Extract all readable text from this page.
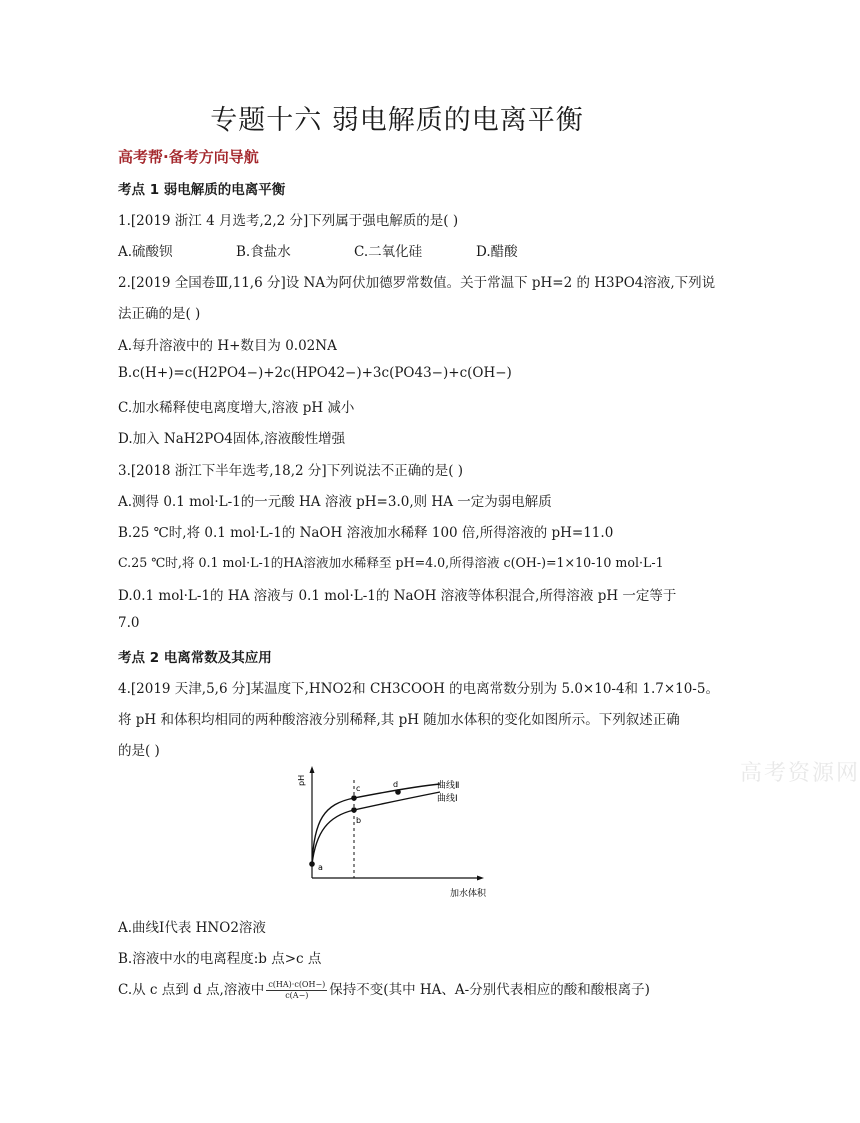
专题十六 弱电解质的电离平衡
高考帮·备考方向导航
考点 1 弱电解质的电离平衡
1.[2019 浙江 4 月选考,2,2 分]下列属于强电解质的是( )
A.硫酸钡	B.食盐水	C.二氧化硅	D.醋酸
2.[2019 全国卷Ⅲ,11,6 分]设 NA为阿伏加德罗常数值。关于常温下 pH=2 的 H3PO4溶液,下列说
法正确的是( )
A.每升溶液中的 H+数目为 0.02NA
B.c(H+)=c(H2PO4−)+2c(HPO42−)+3c(PO43−)+c(OH−)
C.加水稀释使电离度增大,溶液 pH 减小
D.加入 NaH2PO4固体,溶液酸性增强
3.[2018 浙江下半年选考,18,2 分]下列说法不正确的是( )
A.测得 0.1 mol·L-1的一元酸 HA 溶液 pH=3.0,则 HA 一定为弱电解质
B.25 ℃时,将 0.1 mol·L-1的 NaOH 溶液加水稀释 100 倍,所得溶液的 pH=11.0
C.25 ℃时,将 0.1 mol·L-1的HA溶液加水稀释至 pH=4.0,所得溶液 c(OH-)=1×10-10 mol·L-1
D.0.1 mol·L-1的 HA 溶液与 0.1 mol·L-1的 NaOH 溶液等体积混合,所得溶液 pH 一定等于
7.0
考点 2 电离常数及其应用
4.[2019 天津,5,6 分]某温度下,HNO2和 CH3COOH 的电离常数分别为 5.0×10-4和 1.7×10-5。
将 pH 和体积均相同的两种酸溶液分别稀释,其 pH 随加水体积的变化如图所示。下列叙述正确
的是( )
高考资源网
pH
加水体积
曲线Ⅱ
曲线Ⅰ
a
b
c	d
A.曲线Ⅰ代表 HNO2溶液
B.溶液中水的电离程度:b 点>c 点
C.从 c 点到 d 点,溶液中 $\frac{c(HA)\cdot c(OH-)}{c(A-)}$ 保持不变(其中 HA、A-分别代表相应的酸和酸根离子)
